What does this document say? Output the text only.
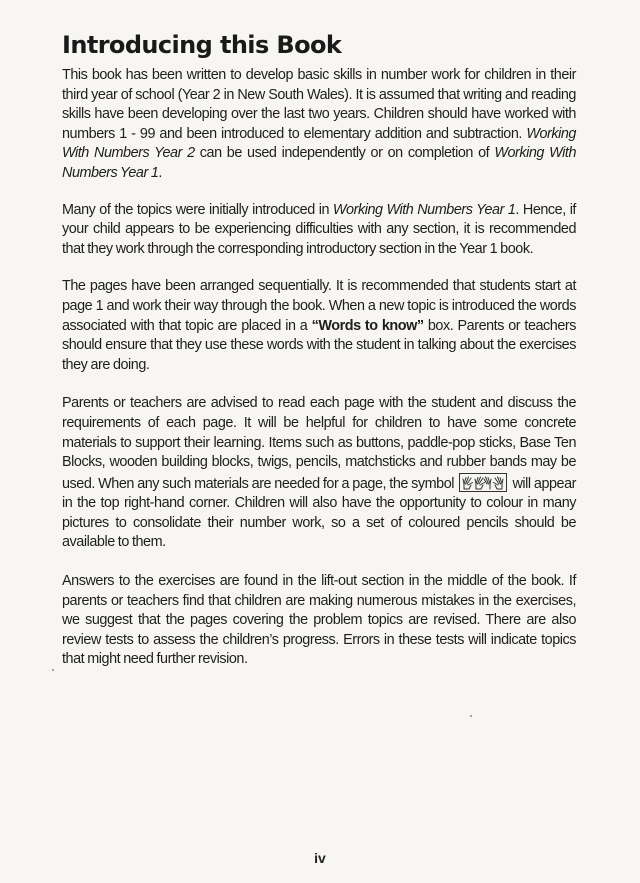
Introducing this Book

This book has been written to develop basic skills in number work for children in their third year of school (Year 2 in New South Wales). It is assumed that writing and reading skills have been developing over the last two years. Children should have worked with numbers 1 - 99 and been introduced to elementary addition and subtraction. Working With Numbers Year 2 can be used independently or on completion of Working With Numbers Year 1.

Many of the topics were initially introduced in Working With Numbers Year 1. Hence, if your child appears to be experiencing difficulties with any section, it is recommended that they work through the corresponding introductory section in the Year 1 book.

The pages have been arranged sequentially. It is recommended that students start at page 1 and work their way through the book. When a new topic is introduced the words associated with that topic are placed in a “Words to know” box. Parents or teachers should ensure that they use these words with the student in talking about the exercises they are doing.

Parents or teachers are advised to read each page with the student and discuss the requirements of each page. It will be helpful for children to have some concrete materials to support their learning. Items such as buttons, paddle-pop sticks, Base Ten Blocks, wooden building blocks, twigs, pencils, matchsticks and rubber bands may be used. When any such materials are needed for a page, the symbol	will appear in the top right-hand corner. Children will also have the opportunity to colour in many pictures to consolidate their number work, so a set of coloured pencils should be available to them.

Answers to the exercises are found in the lift-out section in the middle of the book. If parents or teachers find that children are making numerous mistakes in the exercises, we suggest that the pages covering the problem topics are revised. There are also review tests to assess the children’s progress. Errors in these tests will indicate topics that might need further revision.

iv
